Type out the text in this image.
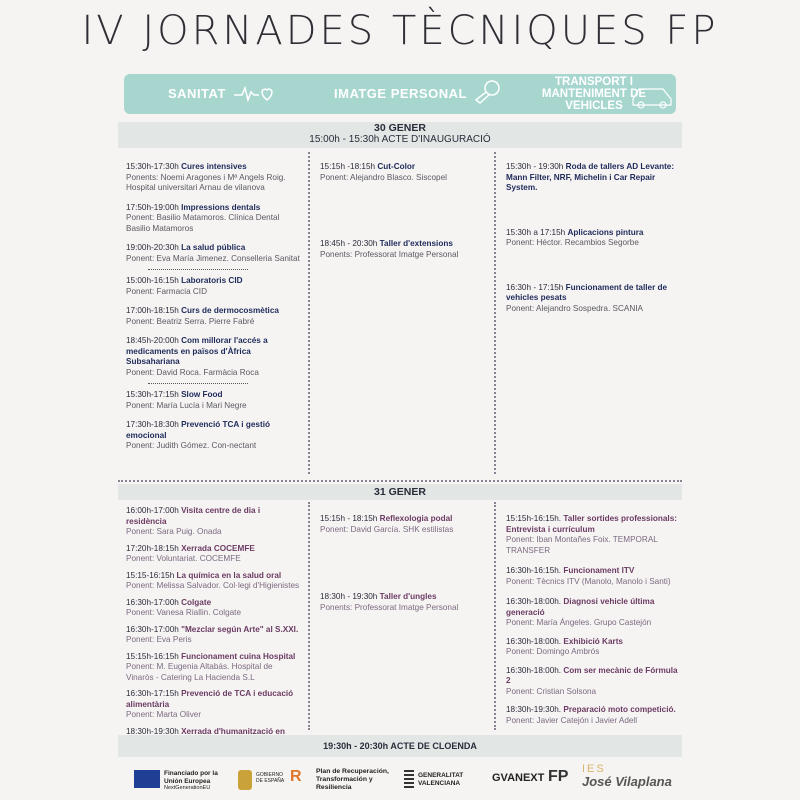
IV JORNADES TÈCNIQUES FP
SANITAT	IMATGE PERSONAL
TRANSPORT I MANTENIMENT DE VEHICLES
30 GENER
15:00h - 15:30h ACTE D'INAUGURACIÓ
15:30h-17:30h Cures intensives
Ponents: Noemi Aragones i Mª Angels Roig. Hospital universitari Arnau de vilanova
17:50h-19:00h Impressions dentals
Ponent: Basilio Matamoros. Clínica Dental Basilio Matamoros
19:00h-20:30h La salud pública
Ponent: Eva María Jimenez. Conselleria Sanitat
15:00h-16:15h Laboratoris CID
Ponent: Farmacia CID
17:00h-18:15h Curs de dermocosmètica
Ponent: Beatriz Serra. Pierre Fabré
18:45h-20:00h Com millorar l'accés a medicaments en països d'Àfrica Subsahariana
Ponent: David Roca. Farmàcia Roca
15:30h-17:15h Slow Food
Ponent: María Lucía i Mari Negre
17:30h-18:30h Prevenció TCA i gestió emocional
Ponent: Judith Gómez. Con-nectant
15:15h -18:15h Cut-Color
Ponent: Alejandro Blasco. Siscopel
18:45h - 20:30h Taller d'extensions
Ponents: Professorat Imatge Personal
15:30h - 19:30h Roda de tallers AD Levante: Mann Filter, NRF, Michelin i Car Repair System.
15:30h a 17:15h Aplicacions pintura
Ponent: Héctor. Recambios Segorbe
16:30h - 17:15h Funcionament de taller de vehicles pesats
Ponent: Alejandro Sospedra. SCANIA
31 GENER
16:00h-17:00h Visita centre de dia i residència
Ponent: Sara Puig. Onada
17:20h-18:15h Xerrada COCEMFE
Ponent: Voluntariat. COCEMFE
15:15-16:15h La química en la salud oral
Ponent: Melissa Salvador. Col·legi d'Higienistes
16:30h-17:00h Colgate
Ponent: Vanesa Riallin. Colgate
16:30h-17:00h "Mezclar según Arte" al S.XXI.
Ponent: Eva Peris
15:15h-16:15h Funcionament cuina Hospital
Ponent: M. Eugenia Altabás. Hospital de Vinaròs - Catering La Hacienda S.L
16:30h-17:15h Prevenció de TCA i educació alimentària
Ponent: Marta Oliver
18:30h-19:30h Xerrada d'humanització en
15:15h - 18:15h Reflexologia podal
Ponent: David García. SHK estilistas
18:30h - 19:30h Taller d'ungles
Ponents: Professorat Imatge Personal
15:15h-16:15h. Taller sortides professionals: Entrevista i currículum
Ponent: Iban Montañes Foix. TEMPORAL TRANSFER
16:30h-16:15h. Funcionament ITV
Ponent: Tècnics ITV (Manolo, Manolo i Santi)
16:30h-18:00h. Diagnosi vehicle última generació
Ponent: María Ángeles. Grupo Castejón
16:30h-18:00h. Exhibició Karts
Ponent: Domingo Ambrós
16:30h-18:00h. Com ser mecànic de Fórmula 2
Ponent: Cristian Solsona
18:30h-19:30h. Preparació moto competició.
Ponent: Javier Catejón i Javier Adell
19:30h - 20:30h ACTE DE CLOENDA
Financiado por la Unión Europea
NextGenerationEU
GOBIERNO DE ESPAÑA R	Plan de Recuperación, Transformación y Resiliencia
GENERALITAT VALENCIANA	GVANEXT FP IES
José Vilaplana
